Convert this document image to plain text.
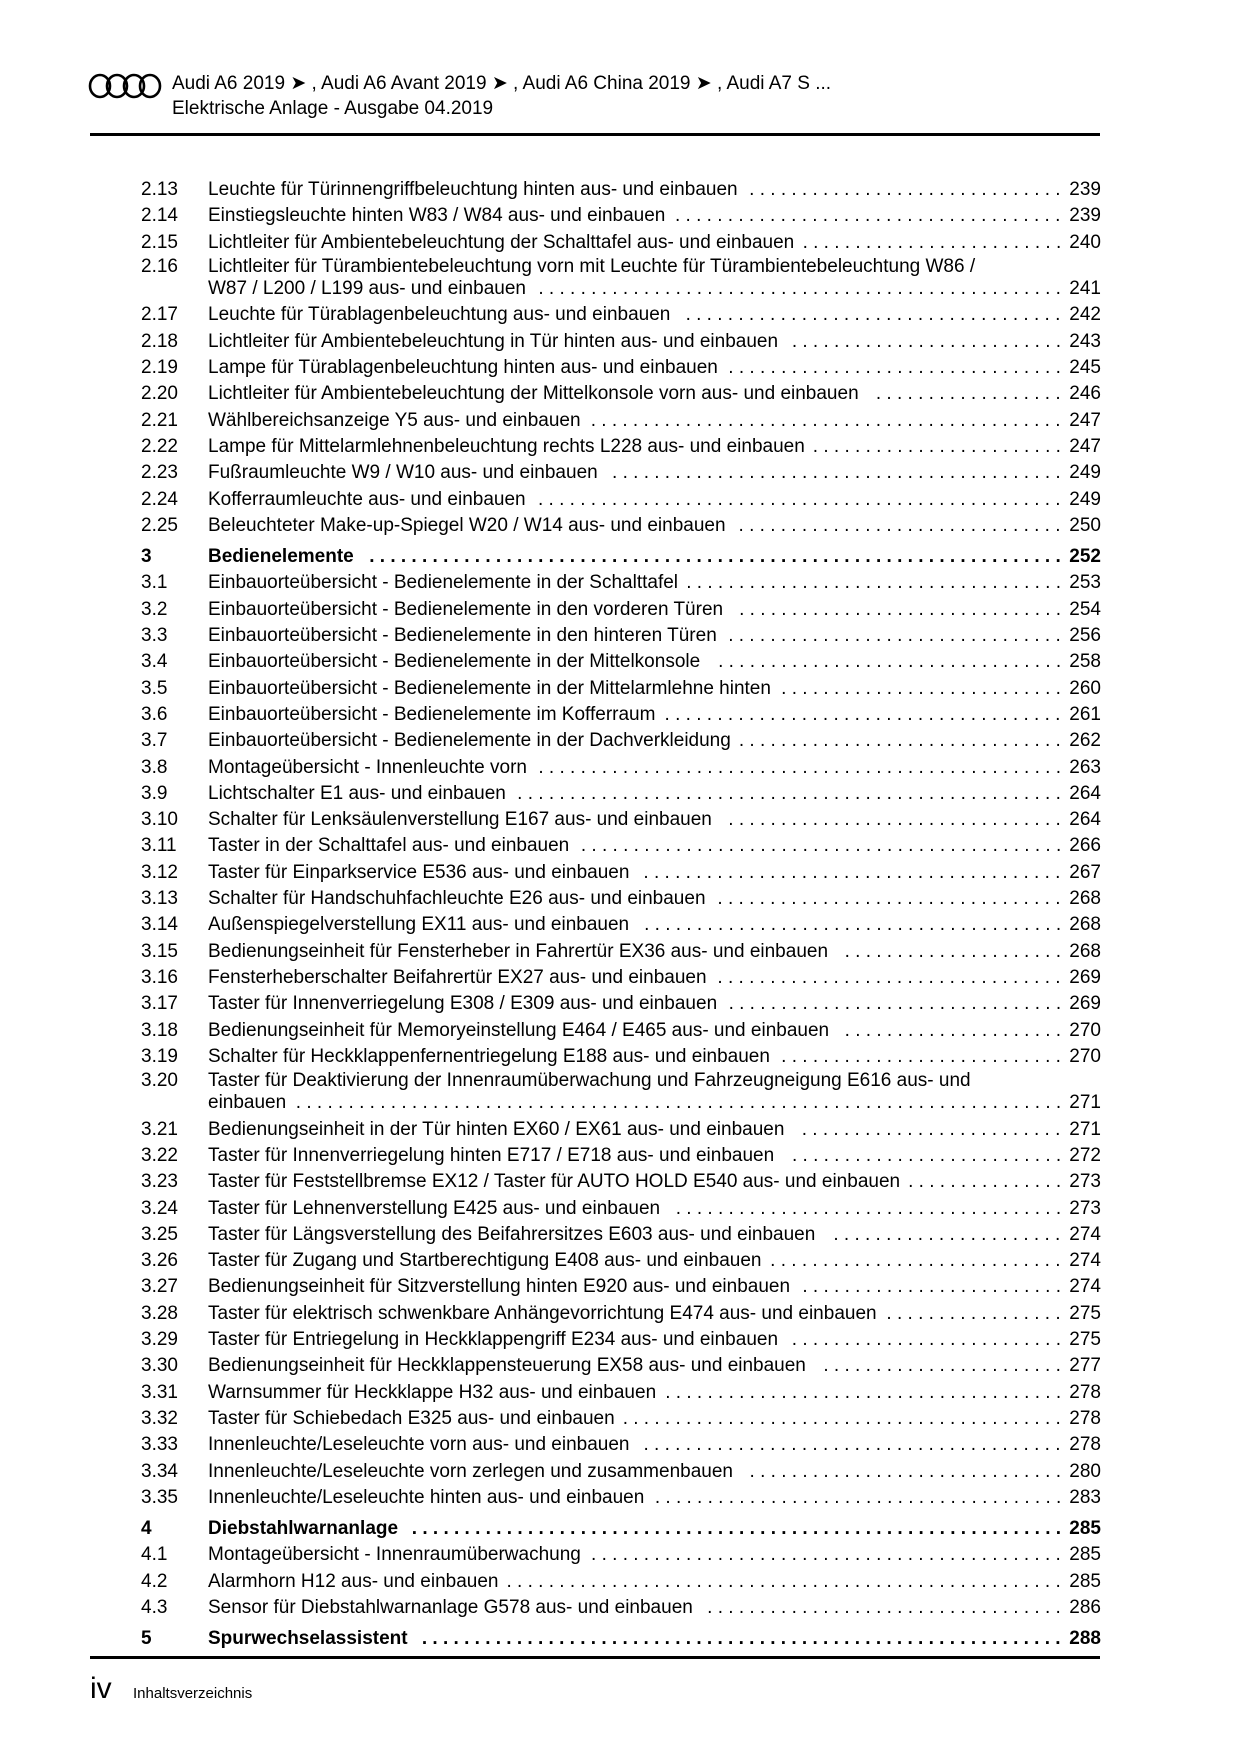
Audi A6 2019 ➤ , Audi A6 Avant 2019 ➤ , Audi A6 China 2019 ➤ , Audi A7 S ...
Elektrische Anlage - Ausgabe 04.2019
2.13	Leuchte für Türinnengriffbeleuchtung hinten aus- und einbauen . . . . . . . . . . . . . . . . . . . . . . . . . . . . . . 239
2.14	Einstiegsleuchte hinten W83 / W84 aus- und einbauen . . . . . . . . . . . . . . . . . . . . . . . . . . . . . . . . . . . . . 239
2.15	Lichtleiter für Ambientebeleuchtung der Schalttafel aus- und einbauen . . . . . . . . . . . . . . . . . . . . . . . . . 240
2.16	Lichtleiter für Türambientebeleuchtung vorn mit Leuchte für Türambientebeleuchtung W86 /
W87 / L200 / L199 aus- und einbauen . . . . . . . . . . . . . . . . . . . . . . . . . . . . . . . . . . . . . . . . . . . . . . . . . . 241
2.17	Leuchte für Türablagenbeleuchtung aus- und einbauen . . . . . . . . . . . . . . . . . . . . . . . . . . . . . . . . . . . . 242
2.18	Lichtleiter für Ambientebeleuchtung in Tür hinten aus- und einbauen . . . . . . . . . . . . . . . . . . . . . . . . . . 243
2.19	Lampe für Türablagenbeleuchtung hinten aus- und einbauen . . . . . . . . . . . . . . . . . . . . . . . . . . . . . . . . 245
2.20	Lichtleiter für Ambientebeleuchtung der Mittelkonsole vorn aus- und einbauen . . . . . . . . . . . . . . . . . . 246
2.21	Wählbereichsanzeige Y5 aus- und einbauen . . . . . . . . . . . . . . . . . . . . . . . . . . . . . . . . . . . . . . . . . . . . . 247
2.22	Lampe für Mittelarmlehnenbeleuchtung rechts L228 aus- und einbauen . . . . . . . . . . . . . . . . . . . . . . . . 247
2.23	Fußraumleuchte W9 / W10 aus- und einbauen . . . . . . . . . . . . . . . . . . . . . . . . . . . . . . . . . . . . . . . . . . . 249
2.24	Kofferraumleuchte aus- und einbauen . . . . . . . . . . . . . . . . . . . . . . . . . . . . . . . . . . . . . . . . . . . . . . . . . . 249
2.25	Beleuchteter Make-up-Spiegel W20 / W14 aus- und einbauen . . . . . . . . . . . . . . . . . . . . . . . . . . . . . . . 250
3	Bedienelemente . . . . . . . . . . . . . . . . . . . . . . . . . . . . . . . . . . . . . . . . . . . . . . . . . . . . . . . . . . . . . . . . . . 252
3.1	Einbauorteübersicht - Bedienelemente in der Schalttafel . . . . . . . . . . . . . . . . . . . . . . . . . . . . . . . . . . . . 253
3.2	Einbauorteübersicht - Bedienelemente in den vorderen Türen . . . . . . . . . . . . . . . . . . . . . . . . . . . . . . . 254
3.3	Einbauorteübersicht - Bedienelemente in den hinteren Türen . . . . . . . . . . . . . . . . . . . . . . . . . . . . . . . . 256
3.4	Einbauorteübersicht - Bedienelemente in der Mittelkonsole . . . . . . . . . . . . . . . . . . . . . . . . . . . . . . . . . 258
3.5	Einbauorteübersicht - Bedienelemente in der Mittelarmlehne hinten . . . . . . . . . . . . . . . . . . . . . . . . . . . 260
3.6	Einbauorteübersicht - Bedienelemente im Kofferraum . . . . . . . . . . . . . . . . . . . . . . . . . . . . . . . . . . . . . . 261
3.7	Einbauorteübersicht - Bedienelemente in der Dachverkleidung . . . . . . . . . . . . . . . . . . . . . . . . . . . . . . . 262
3.8	Montageübersicht - Innenleuchte vorn . . . . . . . . . . . . . . . . . . . . . . . . . . . . . . . . . . . . . . . . . . . . . . . . . . 263
3.9	Lichtschalter E1 aus- und einbauen . . . . . . . . . . . . . . . . . . . . . . . . . . . . . . . . . . . . . . . . . . . . . . . . . . . . 264
3.10	Schalter für Lenksäulenverstellung E167 aus- und einbauen . . . . . . . . . . . . . . . . . . . . . . . . . . . . . . . . 264
3.11	Taster in der Schalttafel aus- und einbauen . . . . . . . . . . . . . . . . . . . . . . . . . . . . . . . . . . . . . . . . . . . . . . 266
3.12	Taster für Einparkservice E536 aus- und einbauen . . . . . . . . . . . . . . . . . . . . . . . . . . . . . . . . . . . . . . . . 267
3.13	Schalter für Handschuhfachleuchte E26 aus- und einbauen . . . . . . . . . . . . . . . . . . . . . . . . . . . . . . . . . 268
3.14	Außenspiegelverstellung EX11 aus- und einbauen . . . . . . . . . . . . . . . . . . . . . . . . . . . . . . . . . . . . . . . . 268
3.15	Bedienungseinheit für Fensterheber in Fahrertür EX36 aus- und einbauen . . . . . . . . . . . . . . . . . . . . . 268
3.16	Fensterheberschalter Beifahrertür EX27 aus- und einbauen . . . . . . . . . . . . . . . . . . . . . . . . . . . . . . . . . 269
3.17	Taster für Innenverriegelung E308 / E309 aus- und einbauen . . . . . . . . . . . . . . . . . . . . . . . . . . . . . . . . 269
3.18	Bedienungseinheit für Memoryeinstellung E464 / E465 aus- und einbauen . . . . . . . . . . . . . . . . . . . . . 270
3.19	Schalter für Heckklappenfernentriegelung E188 aus- und einbauen . . . . . . . . . . . . . . . . . . . . . . . . . . . 270
3.20	Taster für Deaktivierung der Innenraumüberwachung und Fahrzeugneigung E616 aus- und
einbauen . . . . . . . . . . . . . . . . . . . . . . . . . . . . . . . . . . . . . . . . . . . . . . . . . . . . . . . . . . . . . . . . . . . . . . . . . 271
3.21	Bedienungseinheit in der Tür hinten EX60 / EX61 aus- und einbauen . . . . . . . . . . . . . . . . . . . . . . . . . 271
3.22	Taster für Innenverriegelung hinten E717 / E718 aus- und einbauen . . . . . . . . . . . . . . . . . . . . . . . . . . 272
3.23	Taster für Feststellbremse EX12 / Taster für AUTO HOLD E540 aus- und einbauen . . . . . . . . . . . . . . . 273
3.24	Taster für Lehnenverstellung E425 aus- und einbauen . . . . . . . . . . . . . . . . . . . . . . . . . . . . . . . . . . . . . 273
3.25	Taster für Längsverstellung des Beifahrersitzes E603 aus- und einbauen . . . . . . . . . . . . . . . . . . . . . . 274
3.26	Taster für Zugang und Startberechtigung E408 aus- und einbauen . . . . . . . . . . . . . . . . . . . . . . . . . . . . 274
3.27	Bedienungseinheit für Sitzverstellung hinten E920 aus- und einbauen . . . . . . . . . . . . . . . . . . . . . . . . . 274
3.28	Taster für elektrisch schwenkbare Anhängevorrichtung E474 aus- und einbauen . . . . . . . . . . . . . . . . . 275
3.29	Taster für Entriegelung in Heckklappengriff E234 aus- und einbauen . . . . . . . . . . . . . . . . . . . . . . . . . . 275
3.30	Bedienungseinheit für Heckklappensteuerung EX58 aus- und einbauen . . . . . . . . . . . . . . . . . . . . . . . 277
3.31	Warnsummer für Heckklappe H32 aus- und einbauen . . . . . . . . . . . . . . . . . . . . . . . . . . . . . . . . . . . . . . 278
3.32	Taster für Schiebedach E325 aus- und einbauen . . . . . . . . . . . . . . . . . . . . . . . . . . . . . . . . . . . . . . . . . . 278
3.33	Innenleuchte/Leseleuchte vorn aus- und einbauen . . . . . . . . . . . . . . . . . . . . . . . . . . . . . . . . . . . . . . . . 278
3.34	Innenleuchte/Leseleuchte vorn zerlegen und zusammenbauen . . . . . . . . . . . . . . . . . . . . . . . . . . . . . . 280
3.35	Innenleuchte/Leseleuchte hinten aus- und einbauen . . . . . . . . . . . . . . . . . . . . . . . . . . . . . . . . . . . . . . . 283
4	Diebstahlwarnanlage . . . . . . . . . . . . . . . . . . . . . . . . . . . . . . . . . . . . . . . . . . . . . . . . . . . . . . . . . . . . . . 285
4.1	Montageübersicht - Innenraumüberwachung . . . . . . . . . . . . . . . . . . . . . . . . . . . . . . . . . . . . . . . . . . . . . 285
4.2	Alarmhorn H12 aus- und einbauen . . . . . . . . . . . . . . . . . . . . . . . . . . . . . . . . . . . . . . . . . . . . . . . . . . . . . 285
4.3	Sensor für Diebstahlwarnanlage G578 aus- und einbauen . . . . . . . . . . . . . . . . . . . . . . . . . . . . . . . . . . 286
5	Spurwechselassistent . . . . . . . . . . . . . . . . . . . . . . . . . . . . . . . . . . . . . . . . . . . . . . . . . . . . . . . . . . . . . 288
iv Inhaltsverzeichnis
